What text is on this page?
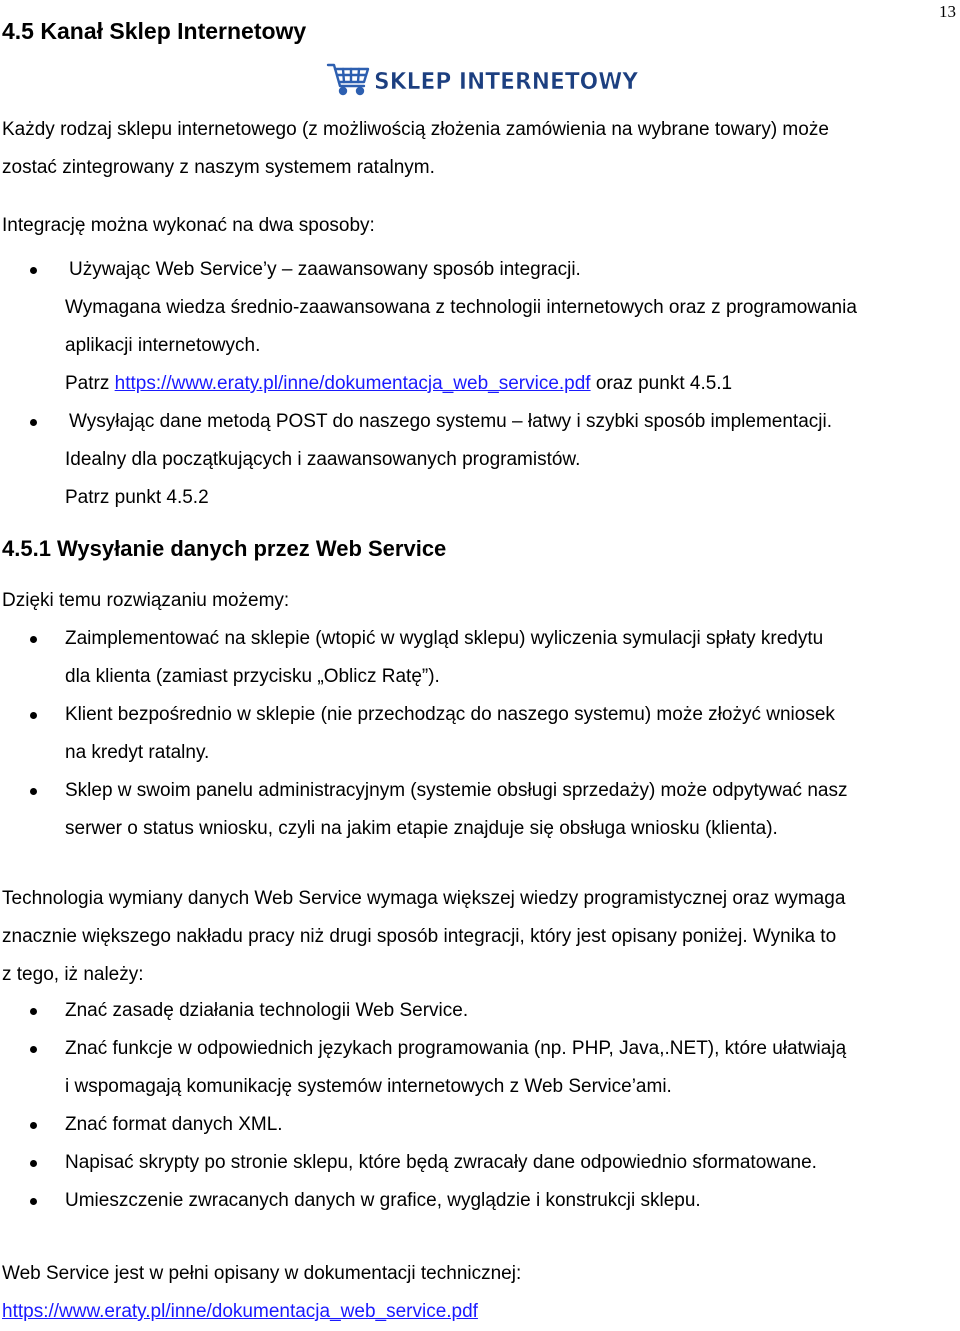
13
4.5 Kanał Sklep Internetowy
SKLEP INTERNETOWY
Każdy rodzaj sklepu internetowego (z możliwością złożenia zamówienia na wybrane towary) może
zostać zintegrowany z naszym systemem ratalnym.
Integrację można wykonać na dwa sposoby:
Używając Web Service’y – zaawansowany sposób integracji.
Wymagana wiedza średnio-zaawansowana z technologii internetowych oraz z programowania
aplikacji internetowych.
Patrz https://www.eraty.pl/inne/dokumentacja_web_service.pdf oraz punkt 4.5.1
Wysyłając dane metodą POST do naszego systemu – łatwy i szybki sposób implementacji.
Idealny dla początkujących i zaawansowanych programistów.
Patrz punkt 4.5.2
4.5.1 Wysyłanie danych przez Web Service
Dzięki temu rozwiązaniu możemy:
Zaimplementować na sklepie (wtopić w wygląd sklepu) wyliczenia symulacji spłaty kredytu
dla klienta (zamiast przycisku „Oblicz Ratę”).
Klient bezpośrednio w sklepie (nie przechodząc do naszego systemu) może złożyć wniosek
na kredyt ratalny.
Sklep w swoim panelu administracyjnym (systemie obsługi sprzedaży) może odpytywać nasz
serwer o status wniosku, czyli na jakim etapie znajduje się obsługa wniosku (klienta).
Technologia wymiany danych Web Service wymaga większej wiedzy programistycznej oraz wymaga
znacznie większego nakładu pracy niż drugi sposób integracji, który jest opisany poniżej. Wynika to
z tego, iż należy:
Znać zasadę działania technologii Web Service.
Znać funkcje w odpowiednich językach programowania (np. PHP, Java,.NET), które ułatwiają
i wspomagają komunikację systemów internetowych z Web Service’ami.
Znać format danych XML.
Napisać skrypty po stronie sklepu, które będą zwracały dane odpowiednio sformatowane.
Umieszczenie zwracanych danych w grafice, wyglądzie i konstrukcji sklepu.
Web Service jest w pełni opisany w dokumentacji technicznej:
https://www.eraty.pl/inne/dokumentacja_web_service.pdf
